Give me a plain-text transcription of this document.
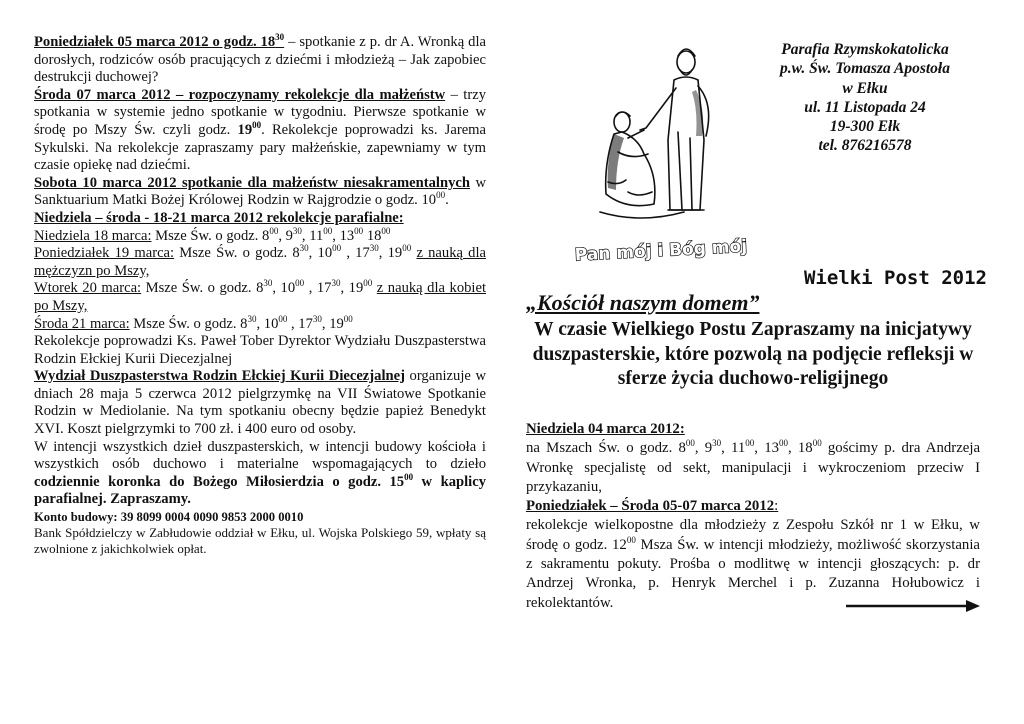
Poniedziałek 05 marca 2012 o godz. $18^{30}$ – spotkanie z p. dr A. Wronką dla dorosłych, rodziców osób pracujących z dziećmi i młodzieżą – Jak zapobiec destrukcji duchowej?

Środa 07 marca 2012 – rozpoczynamy rekolekcje dla małżeństw – trzy spotkania w systemie jedno spotkanie w tygodniu. Pierwsze spotkanie w środę po Mszy Św. czyli godz. $19^{00}$. Rekolekcje poprowadzi ks. Jarema Sykulski. Na rekolekcje zapraszamy pary małżeńskie, zapewniamy w tym czasie opiekę nad dziećmi.

Sobota 10 marca 2012 spotkanie dla małżeństw niesakramentalnych w Sanktuarium Matki Bożej Królowej Rodzin w Rajgrodzie o godz. $10^{00}$.

Niedziela – środa - 18-21 marca 2012 rekolekcje parafialne:

Niedziela 18 marca: Msze Św. o godz. $8^{00}$, $9^{30}$, $11^{00}$, $13^{00}$ $18^{00}$

Poniedziałek 19 marca: Msze Św. o godz. $8^{30}$, $10^{00}$ , $17^{30}$, $19^{00}$ z nauką dla mężczyzn po Mszy,

Wtorek 20 marca: Msze Św. o godz. $8^{30}$, $10^{00}$ , $17^{30}$, $19^{00}$ z nauką dla kobiet po Mszy,

Środa 21 marca: Msze Św. o godz. $8^{30}$, $10^{00}$ , $17^{30}$, $19^{00}$

Rekolekcje poprowadzi Ks. Paweł Tober Dyrektor Wydziału Duszpasterstwa Rodzin Ełckiej Kurii Diecezjalnej

Wydział Duszpasterstwa Rodzin Ełckiej Kurii Diecezjalnej organizuje w dniach 28 maja 5 czerwca 2012 pielgrzymkę na VII Światowe Spotkanie Rodzin w Mediolanie. Na tym spotkaniu obecny będzie papież Benedykt XVI. Koszt pielgrzymki to 700 zł. i 400 euro od osoby.

W intencji wszystkich dzieł duszpasterskich, w intencji budowy kościoła i wszystkich osób duchowo i materialne wspomagających to dzieło codziennie koronka do Bożego Miłosierdzia o godz. $15^{00}$ w kaplicy parafialnej. Zapraszamy.

Konto budowy: 39 8099 0004 0090 9853 2000 0010

Bank Spółdzielczy w Zabłudowie oddział w Ełku, ul. Wojska Polskiego 59, wpłaty są zwolnione z jakichkolwiek opłat.

Parafia Rzymskokatolicka
p.w. Św. Tomasza Apostoła
w Ełku
ul. 11 Listopada 24
19-300 Ełk
tel. 876216578
Pan mój i Bóg mój
Wielki Post 2012
„Kościół naszym domem”
W czasie Wielkiego Postu Zapraszamy na inicjatywy duszpasterskie, które pozwolą na podjęcie refleksji w sferze życia duchowo-religijnego

Niedziela 04 marca 2012:

na Mszach Św. o godz. $8^{00}$, $9^{30}$, $11^{00}$, $13^{00}$, $18^{00}$ gościmy p. dra Andrzeja Wronkę specjalistę od sekt, manipulacji i wykroczeniom przeciw I przykazaniu,

Poniedziałek – Środa 05-07 marca 2012:

rekolekcje wielkopostne dla młodzieży z Zespołu Szkół nr 1 w Ełku, w środę o godz. $12^{00}$ Msza Św. w intencji młodzieży, możliwość skorzystania z sakramentu pokuty. Prośba o modlitwę w intencji głoszących: p. dr Andrzej Wronka, p. Henryk Merchel i p. Zuzanna Hołubowicz i rekolektantów.
